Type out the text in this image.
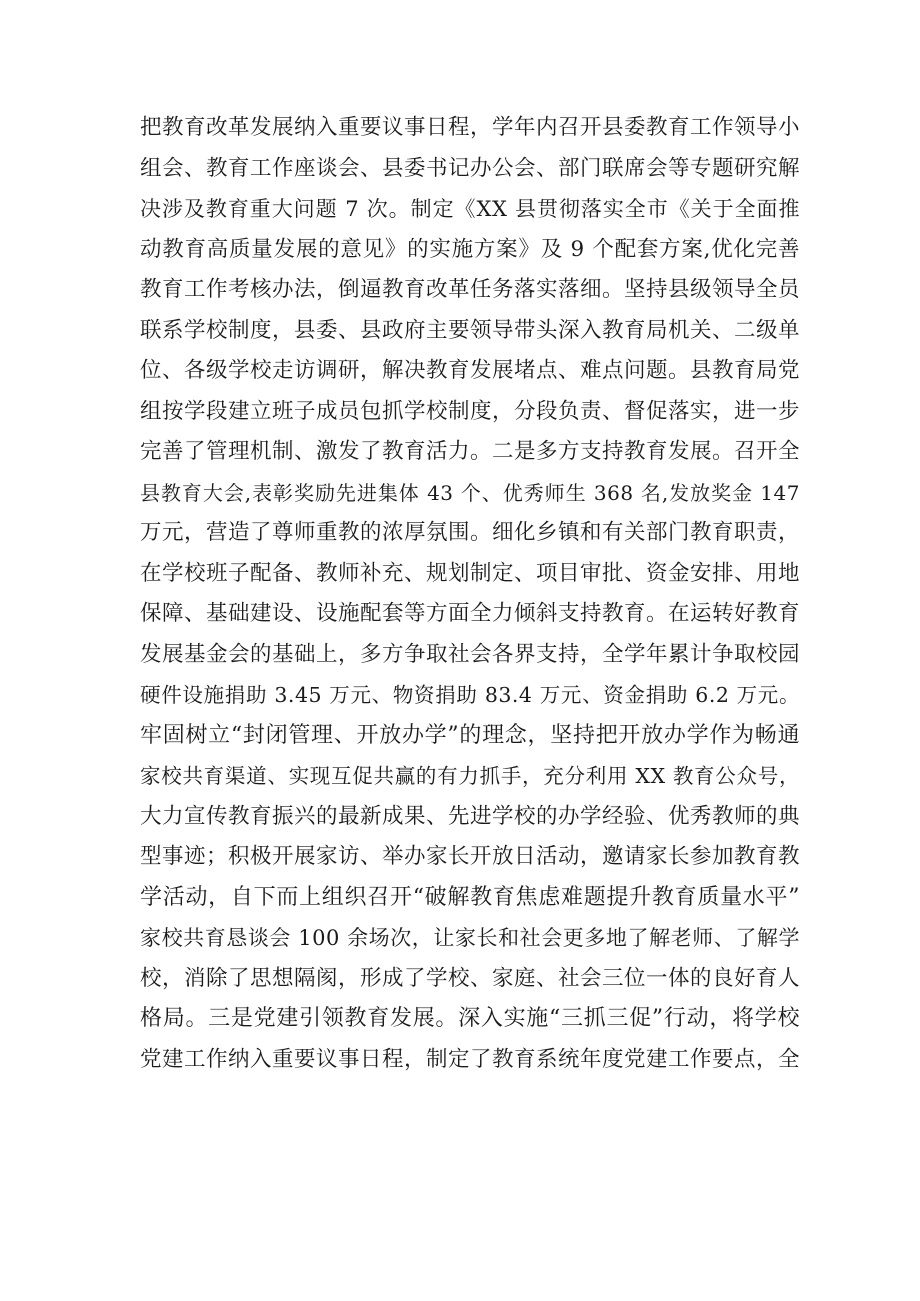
把教育改革发展纳入重要议事日程，学年内召开县委教育工作领导小
组会、教育工作座谈会、县委书记办公会、部门联席会等专题研究解
决涉及教育重大问题 7 次。制定《XX 县贯彻落实全市《关于全面推
动教育高质量发展的意见》的实施方案》及 9 个配套方案,优化完善
教育工作考核办法，倒逼教育改革任务落实落细。坚持县级领导全员
联系学校制度，县委、县政府主要领导带头深入教育局机关、二级单
位、各级学校走访调研，解决教育发展堵点、难点问题。县教育局党
组按学段建立班子成员包抓学校制度，分段负责、督促落实，进一步
完善了管理机制、激发了教育活力。二是多方支持教育发展。召开全
县教育大会,表彰奖励先进集体 43 个、优秀师生 368 名,发放奖金 147
万元，营造了尊师重教的浓厚氛围。细化乡镇和有关部门教育职责，
在学校班子配备、教师补充、规划制定、项目审批、资金安排、用地
保障、基础建设、设施配套等方面全力倾斜支持教育。在运转好教育
发展基金会的基础上，多方争取社会各界支持，全学年累计争取校园
硬件设施捐助 3.45 万元、物资捐助 83.4 万元、资金捐助 6.2 万元。
牢固树立“封闭管理、开放办学”的理念，坚持把开放办学作为畅通
家校共育渠道、实现互促共赢的有力抓手，充分利用 XX 教育公众号，
大力宣传教育振兴的最新成果、先进学校的办学经验、优秀教师的典
型事迹；积极开展家访、举办家长开放日活动，邀请家长参加教育教
学活动，自下而上组织召开“破解教育焦虑难题提升教育质量水平”
家校共育恳谈会 100 余场次，让家长和社会更多地了解老师、了解学
校，消除了思想隔阂，形成了学校、家庭、社会三位一体的良好育人
格局。三是党建引领教育发展。深入实施“三抓三促”行动，将学校
党建工作纳入重要议事日程，制定了教育系统年度党建工作要点，全
